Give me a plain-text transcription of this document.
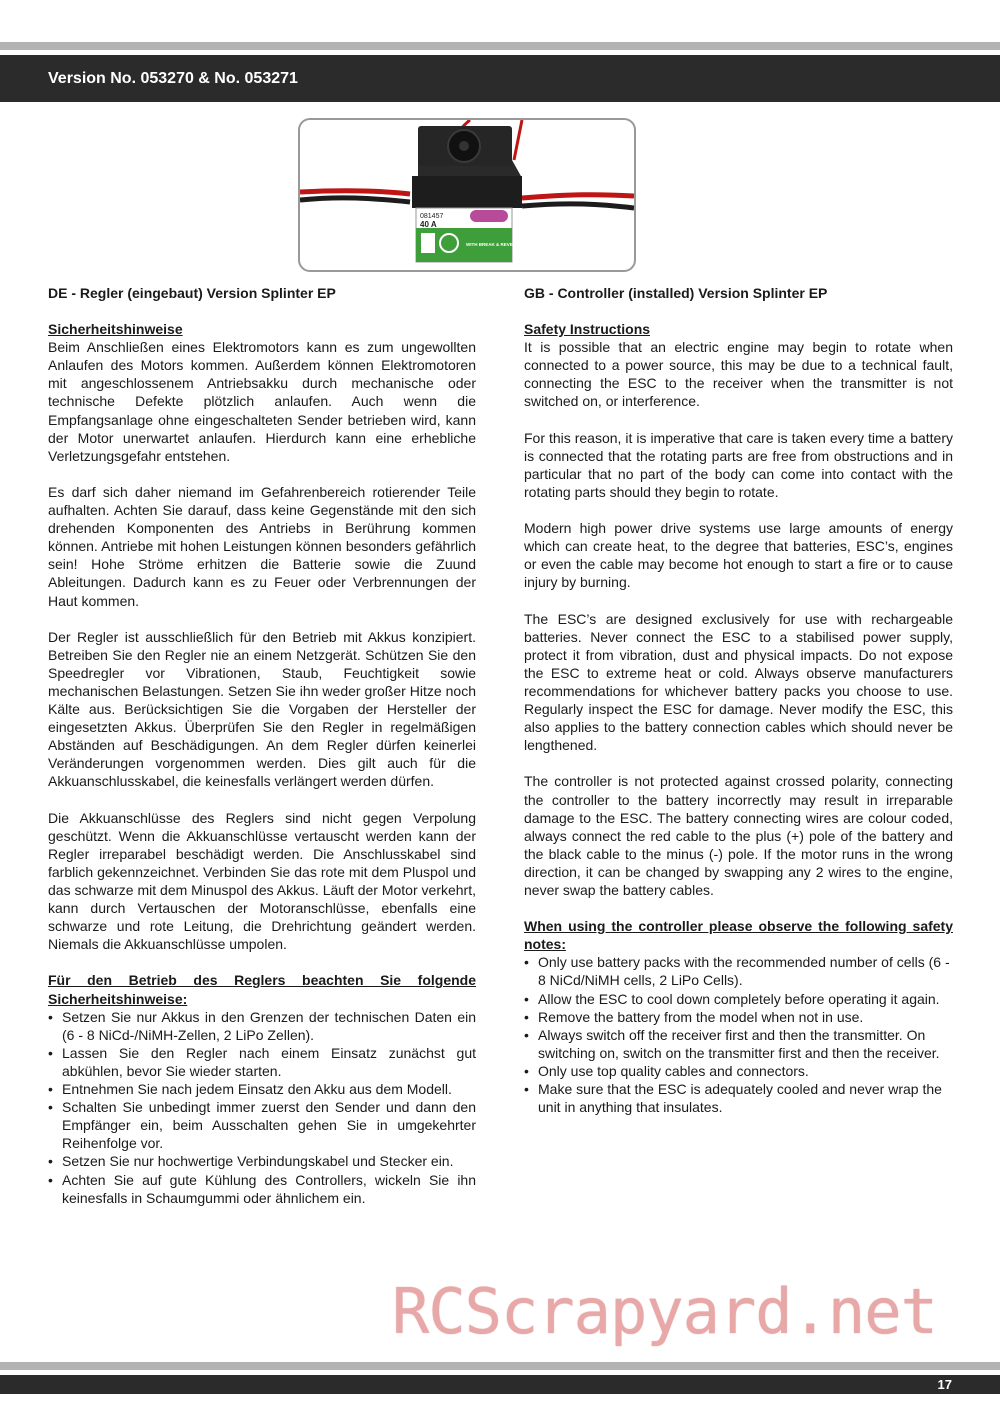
Version No. 053270 & No. 053271
081457
40 A
WITH BREAK & REVERSE

DE - Regler (eingebaut) Version Splinter EP

Sicherheitshinweise

Beim Anschließen eines Elektromotors kann es zum ungewollten Anlaufen des Motors kommen. Außerdem können Elektromotoren mit angeschlossenem Antriebsakku durch mechanische oder technische Defekte plötzlich anlaufen. Auch wenn die Empfangsanlage ohne eingeschalteten Sender betrieben wird, kann der Motor unerwartet anlaufen. Hierdurch kann eine erhebliche Verletzungsgefahr entstehen.

Es darf sich daher niemand im Gefahrenbereich rotierender Teile aufhalten. Achten Sie darauf, dass keine Gegenstände mit den sich drehenden Komponenten des Antriebs in Berührung kommen können. Antriebe mit hohen Leistungen können besonders gefährlich sein! Hohe Ströme erhitzen die Batterie sowie die Zuund Ableitungen. Dadurch kann es zu Feuer oder Verbrennungen der Haut kommen.

Der Regler ist ausschließlich für den Betrieb mit Akkus konzipiert. Betreiben Sie den Regler nie an einem Netzgerät. Schützen Sie den Speedregler vor Vibrationen, Staub, Feuchtigkeit sowie mechanischen Belastungen. Setzen Sie ihn weder großer Hitze noch Kälte aus. Berücksichtigen Sie die Vorgaben der Hersteller der eingesetzten Akkus. Überprüfen Sie den Regler in regelmäßigen Abständen auf Beschädigungen. An dem Regler dürfen keinerlei Veränderungen vorgenommen werden. Dies gilt auch für die Akkuanschlusskabel, die keinesfalls verlängert werden dürfen.

Die Akkuanschlüsse des Reglers sind nicht gegen Verpolung geschützt. Wenn die Akkuanschlüsse vertauscht werden kann der Regler irreparabel beschädigt werden. Die Anschlusskabel sind farblich gekennzeichnet. Verbinden Sie das rote mit dem Pluspol und das schwarze mit dem Minuspol des Akkus. Läuft der Motor verkehrt, kann durch Vertauschen der Motoranschlüsse, ebenfalls eine schwarze und rote Leitung, die Drehrichtung geändert werden. Niemals die Akkuanschlüsse umpolen.

Für den Betrieb des Reglers beachten Sie folgende Sicherheitshinweise:

• Setzen Sie nur Akkus in den Grenzen der technischen Daten ein (6 - 8 NiCd-/NiMH-Zellen, 2 LiPo Zellen).
• Lassen Sie den Regler nach einem Einsatz zunächst gut abkühlen, bevor Sie wieder starten.
• Entnehmen Sie nach jedem Einsatz den Akku aus dem Modell.
• Schalten Sie unbedingt immer zuerst den Sender und dann den Empfänger ein, beim Ausschalten gehen Sie in umgekehrter Reihenfolge vor.
• Setzen Sie nur hochwertige Verbindungskabel und Stecker ein.
• Achten Sie auf gute Kühlung des Controllers, wickeln Sie ihn keinesfalls in Schaumgummi oder ähnlichem ein.

GB - Controller (installed) Version Splinter EP

Safety Instructions

It is possible that an electric engine may begin to rotate when connected to a power source, this may be due to a technical fault, connecting the ESC to the receiver when the transmitter is not switched on, or interference.

For this reason, it is imperative that care is taken every time a battery is connected that the rotating parts are free from obstructions and in particular that no part of the body can come into contact with the rotating parts should they begin to rotate.

Modern high power drive systems use large amounts of energy which can create heat, to the degree that batteries, ESC’s, engines or even the cable may become hot enough to start a fire or to cause injury by burning.

The ESC’s are designed exclusively for use with rechargeable batteries. Never connect the ESC to a stabilised power supply, protect it from vibration, dust and physical impacts. Do not expose the ESC to extreme heat or cold. Always observe manufacturers recommendations for whichever battery packs you choose to use. Regularly inspect the ESC for damage. Never modify the ESC, this also applies to the battery connection cables which should never be lengthened.

The controller is not protected against crossed polarity, connecting the controller to the battery incorrectly may result in irreparable damage to the ESC. The battery connecting wires are colour coded, always connect the red cable to the plus (+) pole of the battery and the black cable to the minus (-) pole. If the motor runs in the wrong direction, it can be changed by swapping any 2 wires to the engine, never swap the battery cables.

When using the controller please observe the following safety notes:

• Only use battery packs with the recommended number of cells (6 - 8 NiCd/NiMH cells, 2 LiPo Cells).
• Allow the ESC to cool down completely before operating it again.
• Remove the battery from the model when not in use.
• Always switch off the receiver first and then the transmitter. On switching on, switch on the transmitter first and then the receiver.
• Only use top quality cables and connectors.
• Make sure that the ESC is adequately cooled and never wrap the unit in anything that insulates.
RCScrapyard.net
17
